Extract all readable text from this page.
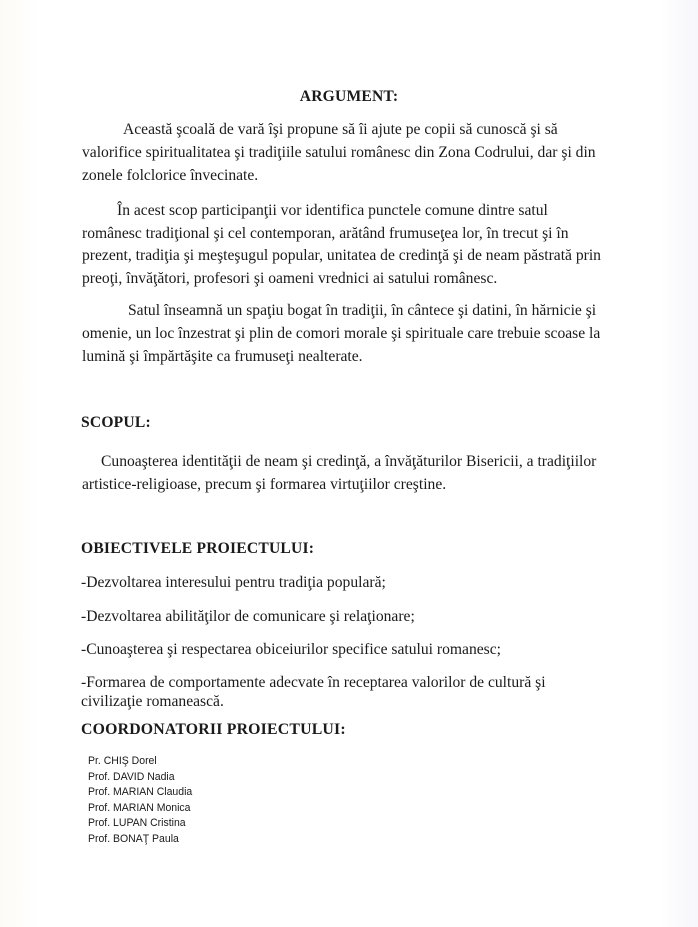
ARGUMENT:
Această şcoală de vară îşi propune să îi ajute pe copii să cunoscă şi să
valorifice spiritualitatea şi tradiţiile satului românesc din Zona Codrului, dar şi din
zonele folclorice învecinate.
În acest scop participanţii vor identifica punctele comune dintre satul
românesc tradiţional şi cel contemporan, arătând frumuseţea lor, în trecut şi în
prezent, tradiţia şi meşteşugul popular, unitatea de credinţă şi de neam păstrată prin
preoţi, învăţători, profesori şi oameni vrednici ai satului românesc.
Satul înseamnă un spaţiu bogat în tradiţii, în cântece şi datini, în hărnicie şi
omenie, un loc înzestrat şi plin de comori morale şi spirituale care trebuie scoase la
lumină şi împărtăşite ca frumuseţi nealterate.
SCOPUL:
Cunoaşterea identităţii de neam şi credinţă, a învăţăturilor Bisericii, a tradiţiilor
artistice-religioase, precum şi formarea virtuţiilor creştine.
OBIECTIVELE PROIECTULUI:
-Dezvoltarea interesului pentru tradiţia populară;
-Dezvoltarea abilităţilor de comunicare şi relaţionare;
-Cunoaşterea şi respectarea obiceiurilor specifice satului romanesc;
-Formarea de comportamente adecvate în receptarea valorilor de cultură şi
civilizaţie romanească.
COORDONATORII PROIECTULUI:
Pr. CHIŞ Dorel
Prof. DAVID Nadia
Prof. MARIAN Claudia
Prof. MARIAN Monica
Prof. LUPAN Cristina
Prof. BONAŢ Paula
